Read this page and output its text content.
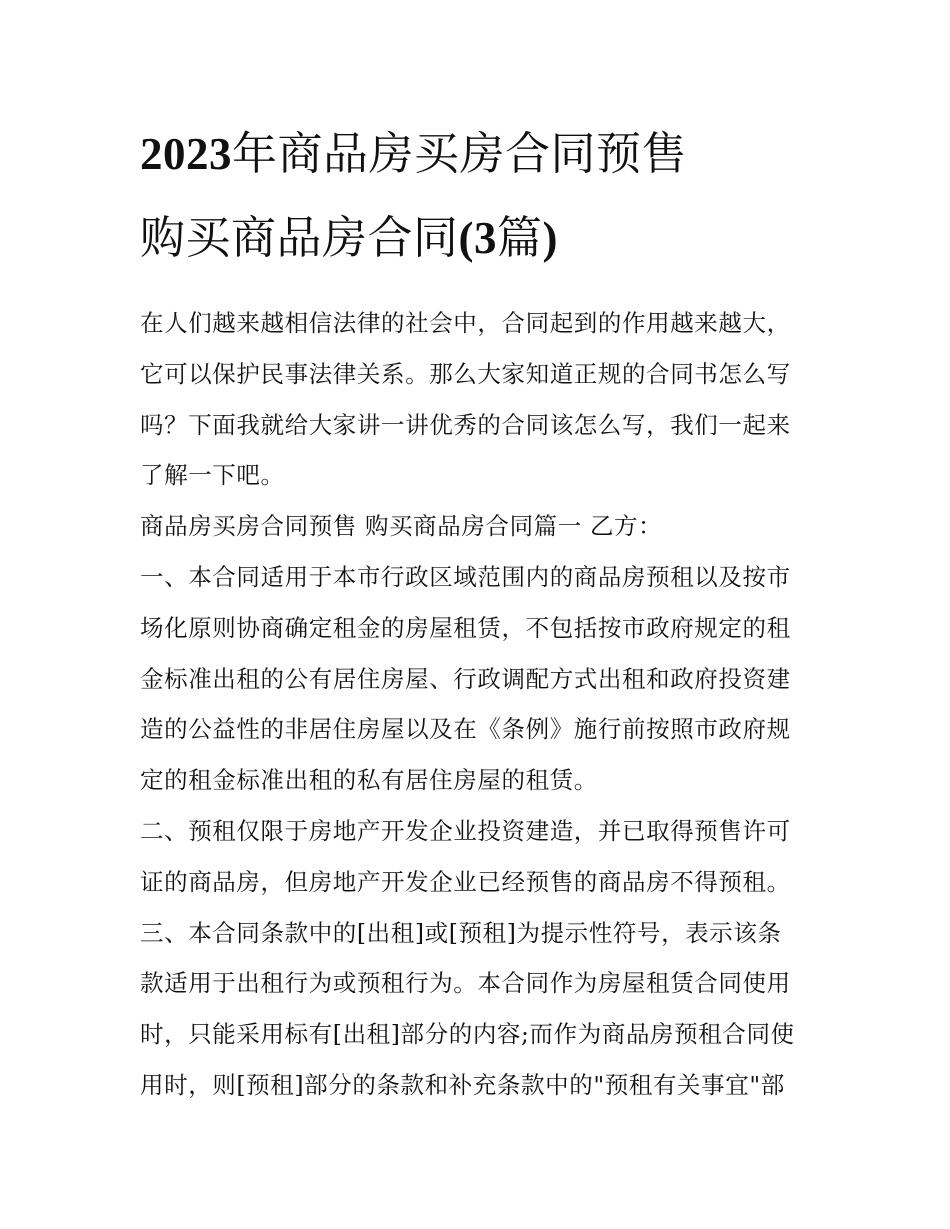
2023年商品房买房合同预售
购买商品房合同(3篇)

在人们越来越相信法律的社会中，合同起到的作用越来越大，
它可以保护民事法律关系。那么大家知道正规的合同书怎么写
吗？下面我就给大家讲一讲优秀的合同该怎么写，我们一起来
了解一下吧。

商品房买房合同预售 购买商品房合同篇一 乙方：

一、本合同适用于本市行政区域范围内的商品房预租以及按市
场化原则协商确定租金的房屋租赁，不包括按市政府规定的租
金标准出租的公有居住房屋、行政调配方式出租和政府投资建
造的公益性的非居住房屋以及在《条例》施行前按照市政府规
定的租金标准出租的私有居住房屋的租赁。

二、预租仅限于房地产开发企业投资建造，并已取得预售许可
证的商品房，但房地产开发企业已经预售的商品房不得预租。

三、本合同条款中的[出租]或[预租]为提示性符号，表示该条
款适用于出租行为或预租行为。本合同作为房屋租赁合同使用
时，只能采用标有[出租]部分的内容;而作为商品房预租合同使
用时，则[预租]部分的条款和补充条款中的"预租有关事宜"部
